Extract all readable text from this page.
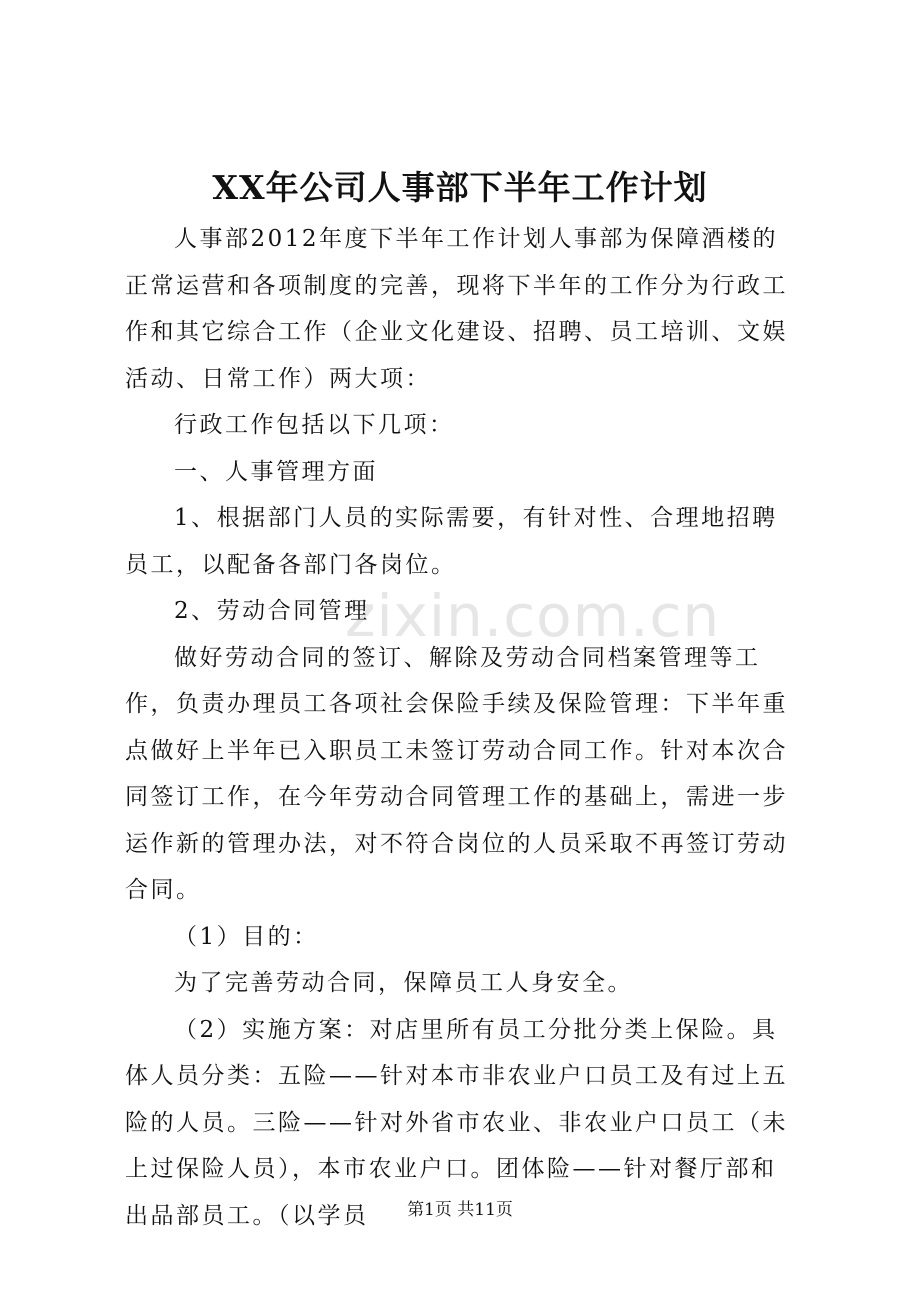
zixin.com.cn
XX年公司人事部下半年工作计划

人事部2012年度下半年工作计划人事部为保障酒楼的正常运营和各项制度的完善，现将下半年的工作分为行政工作和其它综合工作（企业文化建设、招聘、员工培训、文娱活动、日常工作）两大项：

行政工作包括以下几项：

一、人事管理方面

1、根据部门人员的实际需要，有针对性、合理地招聘员工，以配备各部门各岗位。

2、劳动合同管理

做好劳动合同的签订、解除及劳动合同档案管理等工作，负责办理员工各项社会保险手续及保险管理：下半年重点做好上半年已入职员工未签订劳动合同工作。针对本次合同签订工作，在今年劳动合同管理工作的基础上，需进一步运作新的管理办法，对不符合岗位的人员采取不再签订劳动合同。

（1）目的：

为了完善劳动合同，保障员工人身安全。

（2）实施方案：对店里所有员工分批分类上保险。具体人员分类：五险——针对本市非农业户口员工及有过上五险的人员。三险——针对外省市农业、非农业户口员工（未上过保险人员），本市农业户口。团体险——针对餐厅部和出品部员工。（以学员	第1页 共11页
